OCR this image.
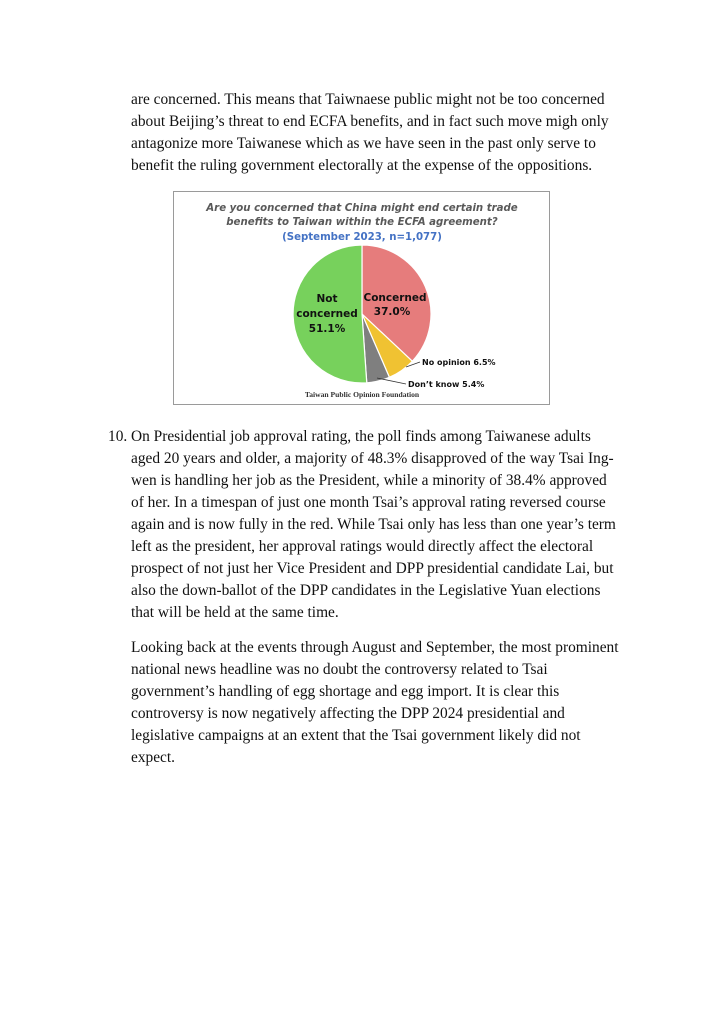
are concerned. This means that Taiwnaese public might not be too concerned about Beijing’s threat to end ECFA benefits, and in fact such move migh only antagonize more Taiwanese which as we have seen in the past only serve to benefit the ruling government electorally at the expense of the oppositions.

Are you concerned that China might end certain trade
benefits to Taiwan within the ECFA agreement?
(September 2023, n=1,077)
Concerned
37.0%
Not
concerned
51.1%
No opinion 6.5%
Don’t know 5.4%
Taiwan Public Opinion Foundation
10. On Presidential job approval rating, the poll finds among Taiwanese adults aged 20 years and older, a majority of 48.3% disapproved of the way Tsai Ing-wen is handling her job as the President, while a minority of 38.4% approved of her. In a timespan of just one month Tsai’s approval rating reversed course again and is now fully in the red. While Tsai only has less than one year’s term left as the president, her approval ratings would directly affect the electoral prospect of not just her Vice President and DPP presidential candidate Lai, but also the down-ballot of the DPP candidates in the Legislative Yuan elections that will be held at the same time.

Looking back at the events through August and September, the most prominent national news headline was no doubt the controversy related to Tsai government’s handling of egg shortage and egg import. It is clear this controversy is now negatively affecting the DPP 2024 presidential and legislative campaigns at an extent that the Tsai government likely did not expect.
